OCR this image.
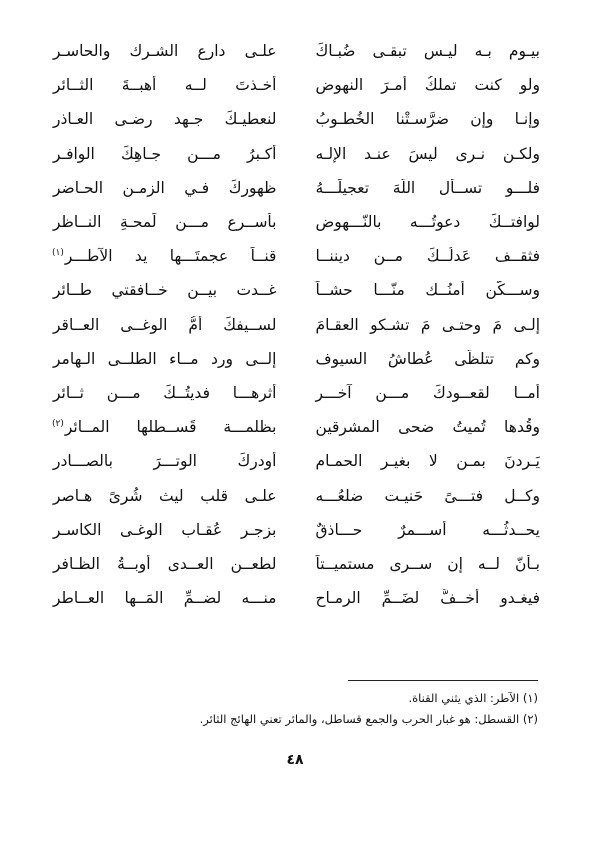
بيـوم بـه ليـس تبقـى ضُبـاكَ
علـى دارع الشـرك والحاسـر
ولو كنت تملكُ أمـرَ النهوض
أخـذتَ لــه أهبــةَ الثــائر
وإنـا وإن ضرَّسـتْنا الخُطـوبُ
لنعطيـكَ جـهد رضـى العـاذرِ
ولكـن نـرى ليسَ عنـد الإلـه
أكـبرُ مـــن جـاهِكَ الوافـر
فلـــو تســأل اللّهَ تعجيلَـــهُ
ظهورِكَ فـي الزمـن الحـاضرِ
لوافتــكَ دعوتُـــه بالنّـــهوض
بأســرع مـــن لَمحـةِ النــاظرِ
فثقــف عَدلُــكَ مــن ديننــا
قنــاً عجمتَـــها يد الآطـــرِ$^{(١)}$
وســـكّن أمنُــك منّـــا حشــاً
غــدت بيــن خــافقتي طــائر
إلـى مَ وحتـى مَ تشـكو العقـامَ
لســيفكَ أمُّ الوغــى العــاقرِ
وكم تتلظّى عُطاشُ السيوف
إلــى ورد مــاء الطلــى الـهامرِ
أمــا لقعــودكَ مـــن آخـــر
أثرهـــا فديتُــكَ مـــن ثــائرِ
وقُدها تُميتُ ضحى المشرقين
بظلمـــة قَســطلها المــائرِ$^{(٢)}$
يَـردنَ بمـن لا بغيـر الحمـام
أودركَ الوتـــرَ بالصـــادرِ
وكــل فتـــىً حَنيـت ضلعُـــه
علـى قلب ليث شُرىً هـاصرِ
يحــدثُـــه أســـمرٌ حـــاذقٌ
بزجـر عُقـاب الوغـى الكاسـرِ
بـأنّ لــه إن ســرى مستميــتاً
لطعــن العــدى أوبــةُ الظـافرِ
فيغـدو أخــفُّ لضَــمِّ الرمـاح
منـــه لضــمِّ المَــها العــاطرِ
(١) الآطر: الذي يثني القناة.
(٢) القسطل: هو غبار الحرب والجمع قساطل، والمائر تعني الهائج الثائر.
٤٨
